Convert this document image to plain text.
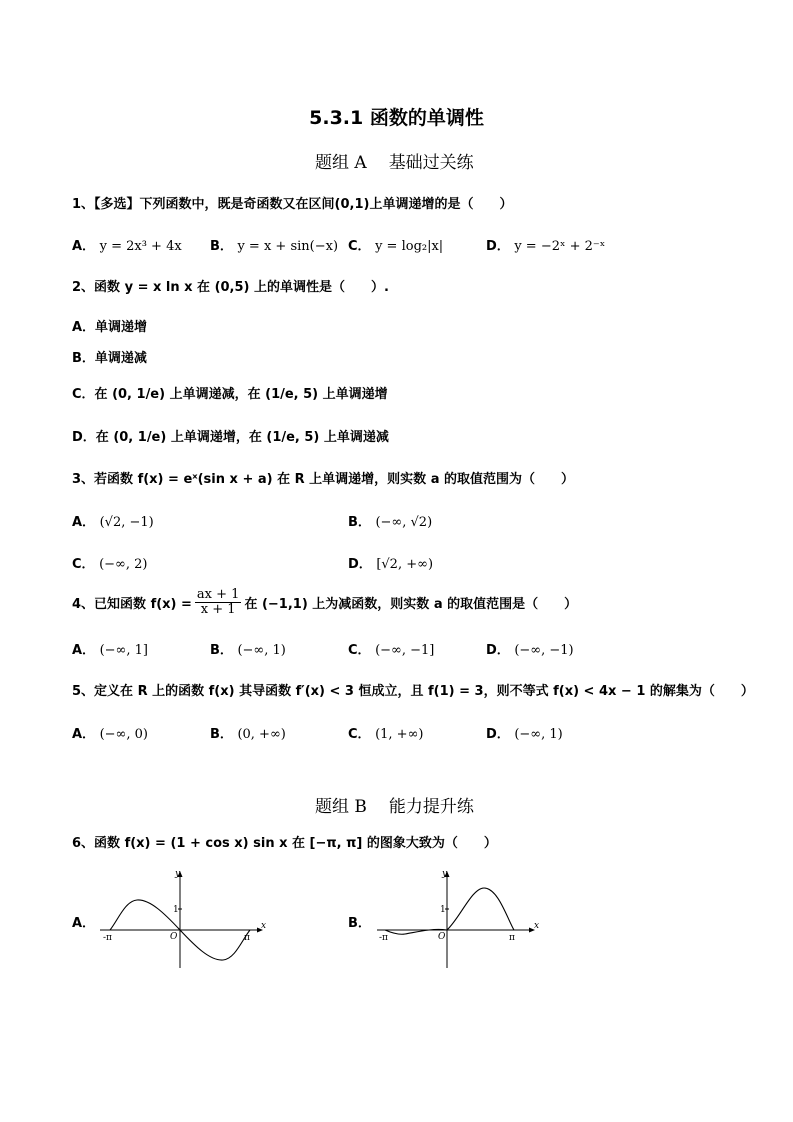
5.3.1 函数的单调性
题组 A 基础过关练
1、【多选】下列函数中，既是奇函数又在区间(0,1)上单调递增的是（　　）
A． y = 2x³ + 4x B． y = x + sin(−x) C． y = log₂|x|	D． y = −2ˣ + 2⁻ˣ
2、函数 y = x ln x 在 (0,5) 上的单调性是（　　）.
A．单调递增
B．单调递减
C．在 (0, 1/e) 上单调递减，在 (1/e, 5) 上单调递增
D．在 (0, 1/e) 上单调递增，在 (1/e, 5) 上单调递减
3、若函数 f(x) = eˣ(sin x + a) 在 R 上单调递增，则实数 a 的取值范围为（　　）
A． (√2, −1)	B． (−∞, √2)
C． (−∞, 2)	D． [√2, +∞)
4、已知函数 $f(x) = \frac{ax + 1}{x + 1}$ 在 (−1,1) 上为减函数，则实数 a 的取值范围是（　　）
A． (−∞, 1]	B． (−∞, 1)	C． (−∞, −1]	D． (−∞, −1)
5、定义在 R 上的函数 f(x) 其导函数 f′(x) < 3 恒成立，且 f(1) = 3，则不等式 f(x) < 4x − 1 的解集为（　　）
A． (−∞, 0)	B． (0, +∞)	C． (1, +∞)	D． (−∞, 1)
题组 B 能力提升练
6、函数 f(x) = (1 + cos x) sin x 在 [−π, π] 的图象大致为（　　）
A．
y
x
1
O
-π	π
B．
y
x
1
O
-π	π
